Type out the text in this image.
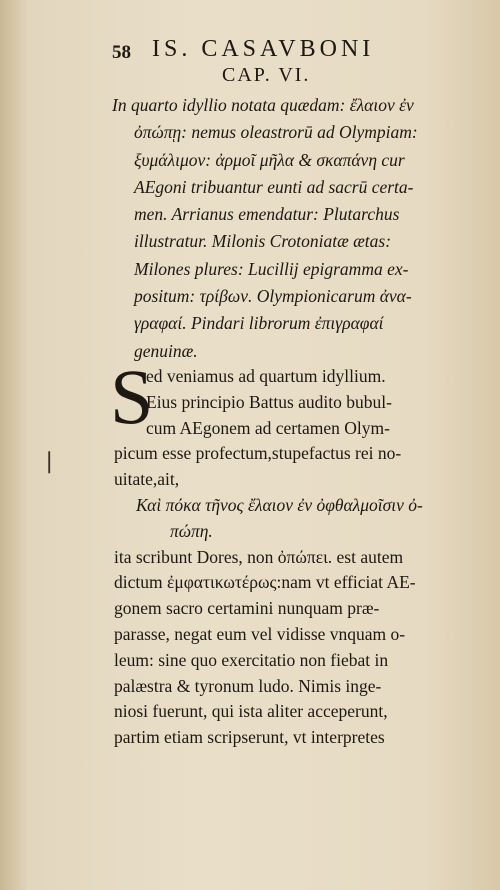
58 IS. CASAVBONI
CAP. VI.
In quarto idyllio notata quædam: ἔλαιον ἐν
ὀπώπῃ: nemus oleastrorū ad Olympiam:
ξυμάλιμον: ἀρμοῖ μῆλα & σκαπάνη cur
AEgoni tribuantur eunti ad sacrū certa-
men. Arrianus emendatur: Plutarchus
illustratur. Milonis Crotoniatæ ætas:
Milones plures: Lucillij epigramma ex-
positum: τρίβων. Olympionicarum ἀνα-
γραφαί. Pindari librorum ἐπιγραφαί
genuinæ.
S
ed veniamus ad quartum idyllium.
Eius principio Battus audito bubul-
cum AEgonem ad certamen Olym-
picum esse profectum,stupefactus rei no-
uitate,ait,
Καὶ πόκα τῆνος ἔλαιον ἐν ὀφθαλμοῖσιν ὀ-
πώπη.
ita scribunt Dores, non ὀπώπει. est autem
dictum ἐμφατικωτέρως:nam vt efficiat AE-
gonem sacro certamini nunquam præ-
parasse, negat eum vel vidisse vnquam o-
leum: sine quo exercitatio non fiebat in
palæstra & tyronum ludo. Nimis inge-
niosi fuerunt, qui ista aliter acceperunt,
partim etiam scripserunt, vt interpretes
❘
